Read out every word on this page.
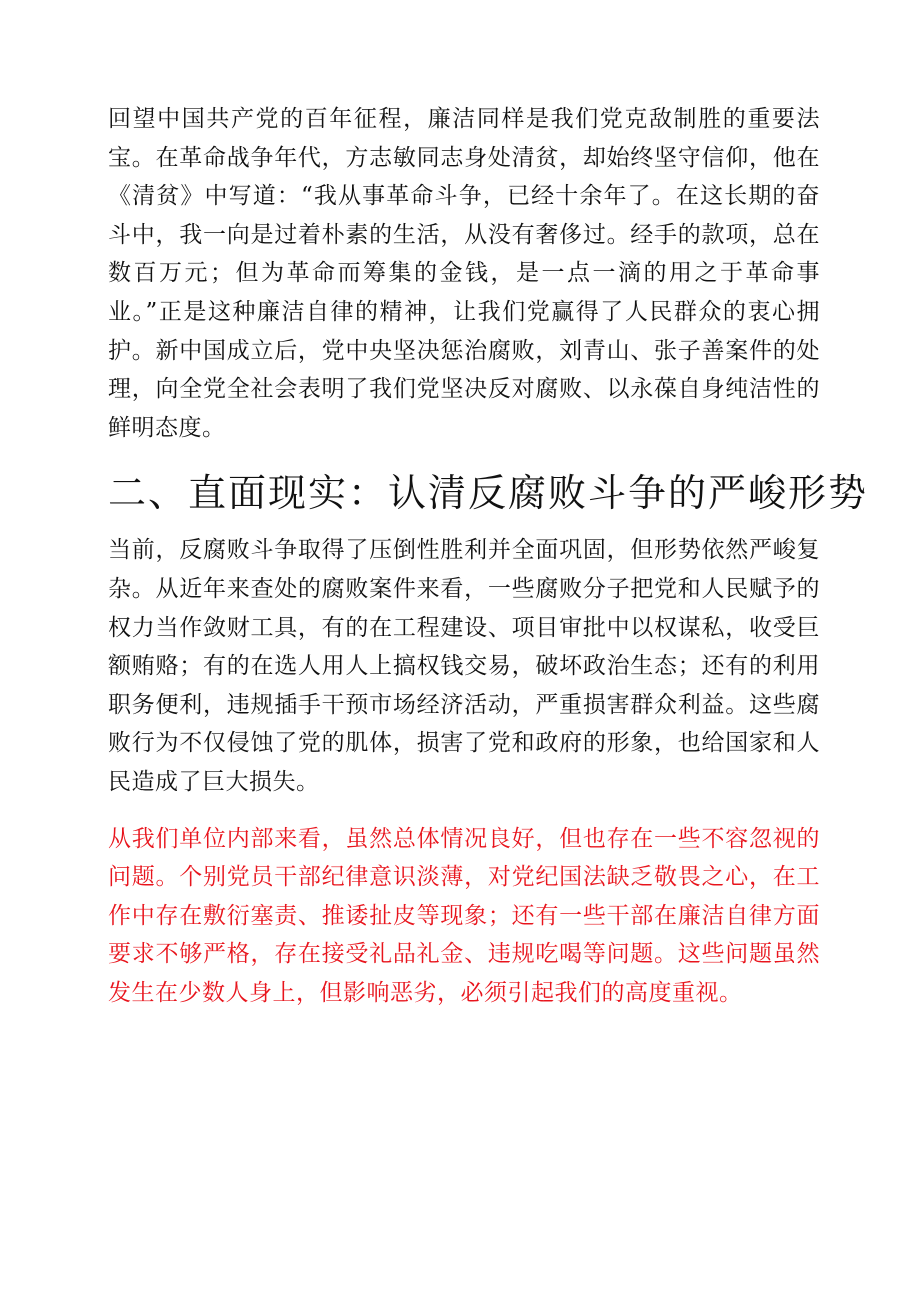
回望中国共产党的百年征程，廉洁同样是我们党克敌制胜的重要法宝。在革命战争年代，方志敏同志身处清贫，却始终坚守信仰，他在《清贫》中写道：“我从事革命斗争，已经十余年了。在这长期的奋斗中，我一向是过着朴素的生活，从没有奢侈过。经手的款项，总在数百万元；但为革命而筹集的金钱，是一点一滴的用之于革命事业。”正是这种廉洁自律的精神，让我们党赢得了人民群众的衷心拥护。新中国成立后，党中央坚决惩治腐败，刘青山、张子善案件的处理，向全党全社会表明了我们党坚决反对腐败、以永葆自身纯洁性的鲜明态度。

二、直面现实：认清反腐败斗争的严峻形势

当前，反腐败斗争取得了压倒性胜利并全面巩固，但形势依然严峻复杂。从近年来查处的腐败案件来看，一些腐败分子把党和人民赋予的权力当作敛财工具，有的在工程建设、项目审批中以权谋私，收受巨额贿赂；有的在选人用人上搞权钱交易，破坏政治生态；还有的利用职务便利，违规插手干预市场经济活动，严重损害群众利益。这些腐败行为不仅侵蚀了党的肌体，损害了党和政府的形象，也给国家和人民造成了巨大损失。

从我们单位内部来看，虽然总体情况良好，但也存在一些不容忽视的问题。个别党员干部纪律意识淡薄，对党纪国法缺乏敬畏之心，在工作中存在敷衍塞责、推诿扯皮等现象；还有一些干部在廉洁自律方面要求不够严格，存在接受礼品礼金、违规吃喝等问题。这些问题虽然发生在少数人身上，但影响恶劣，必须引起我们的高度重视。
